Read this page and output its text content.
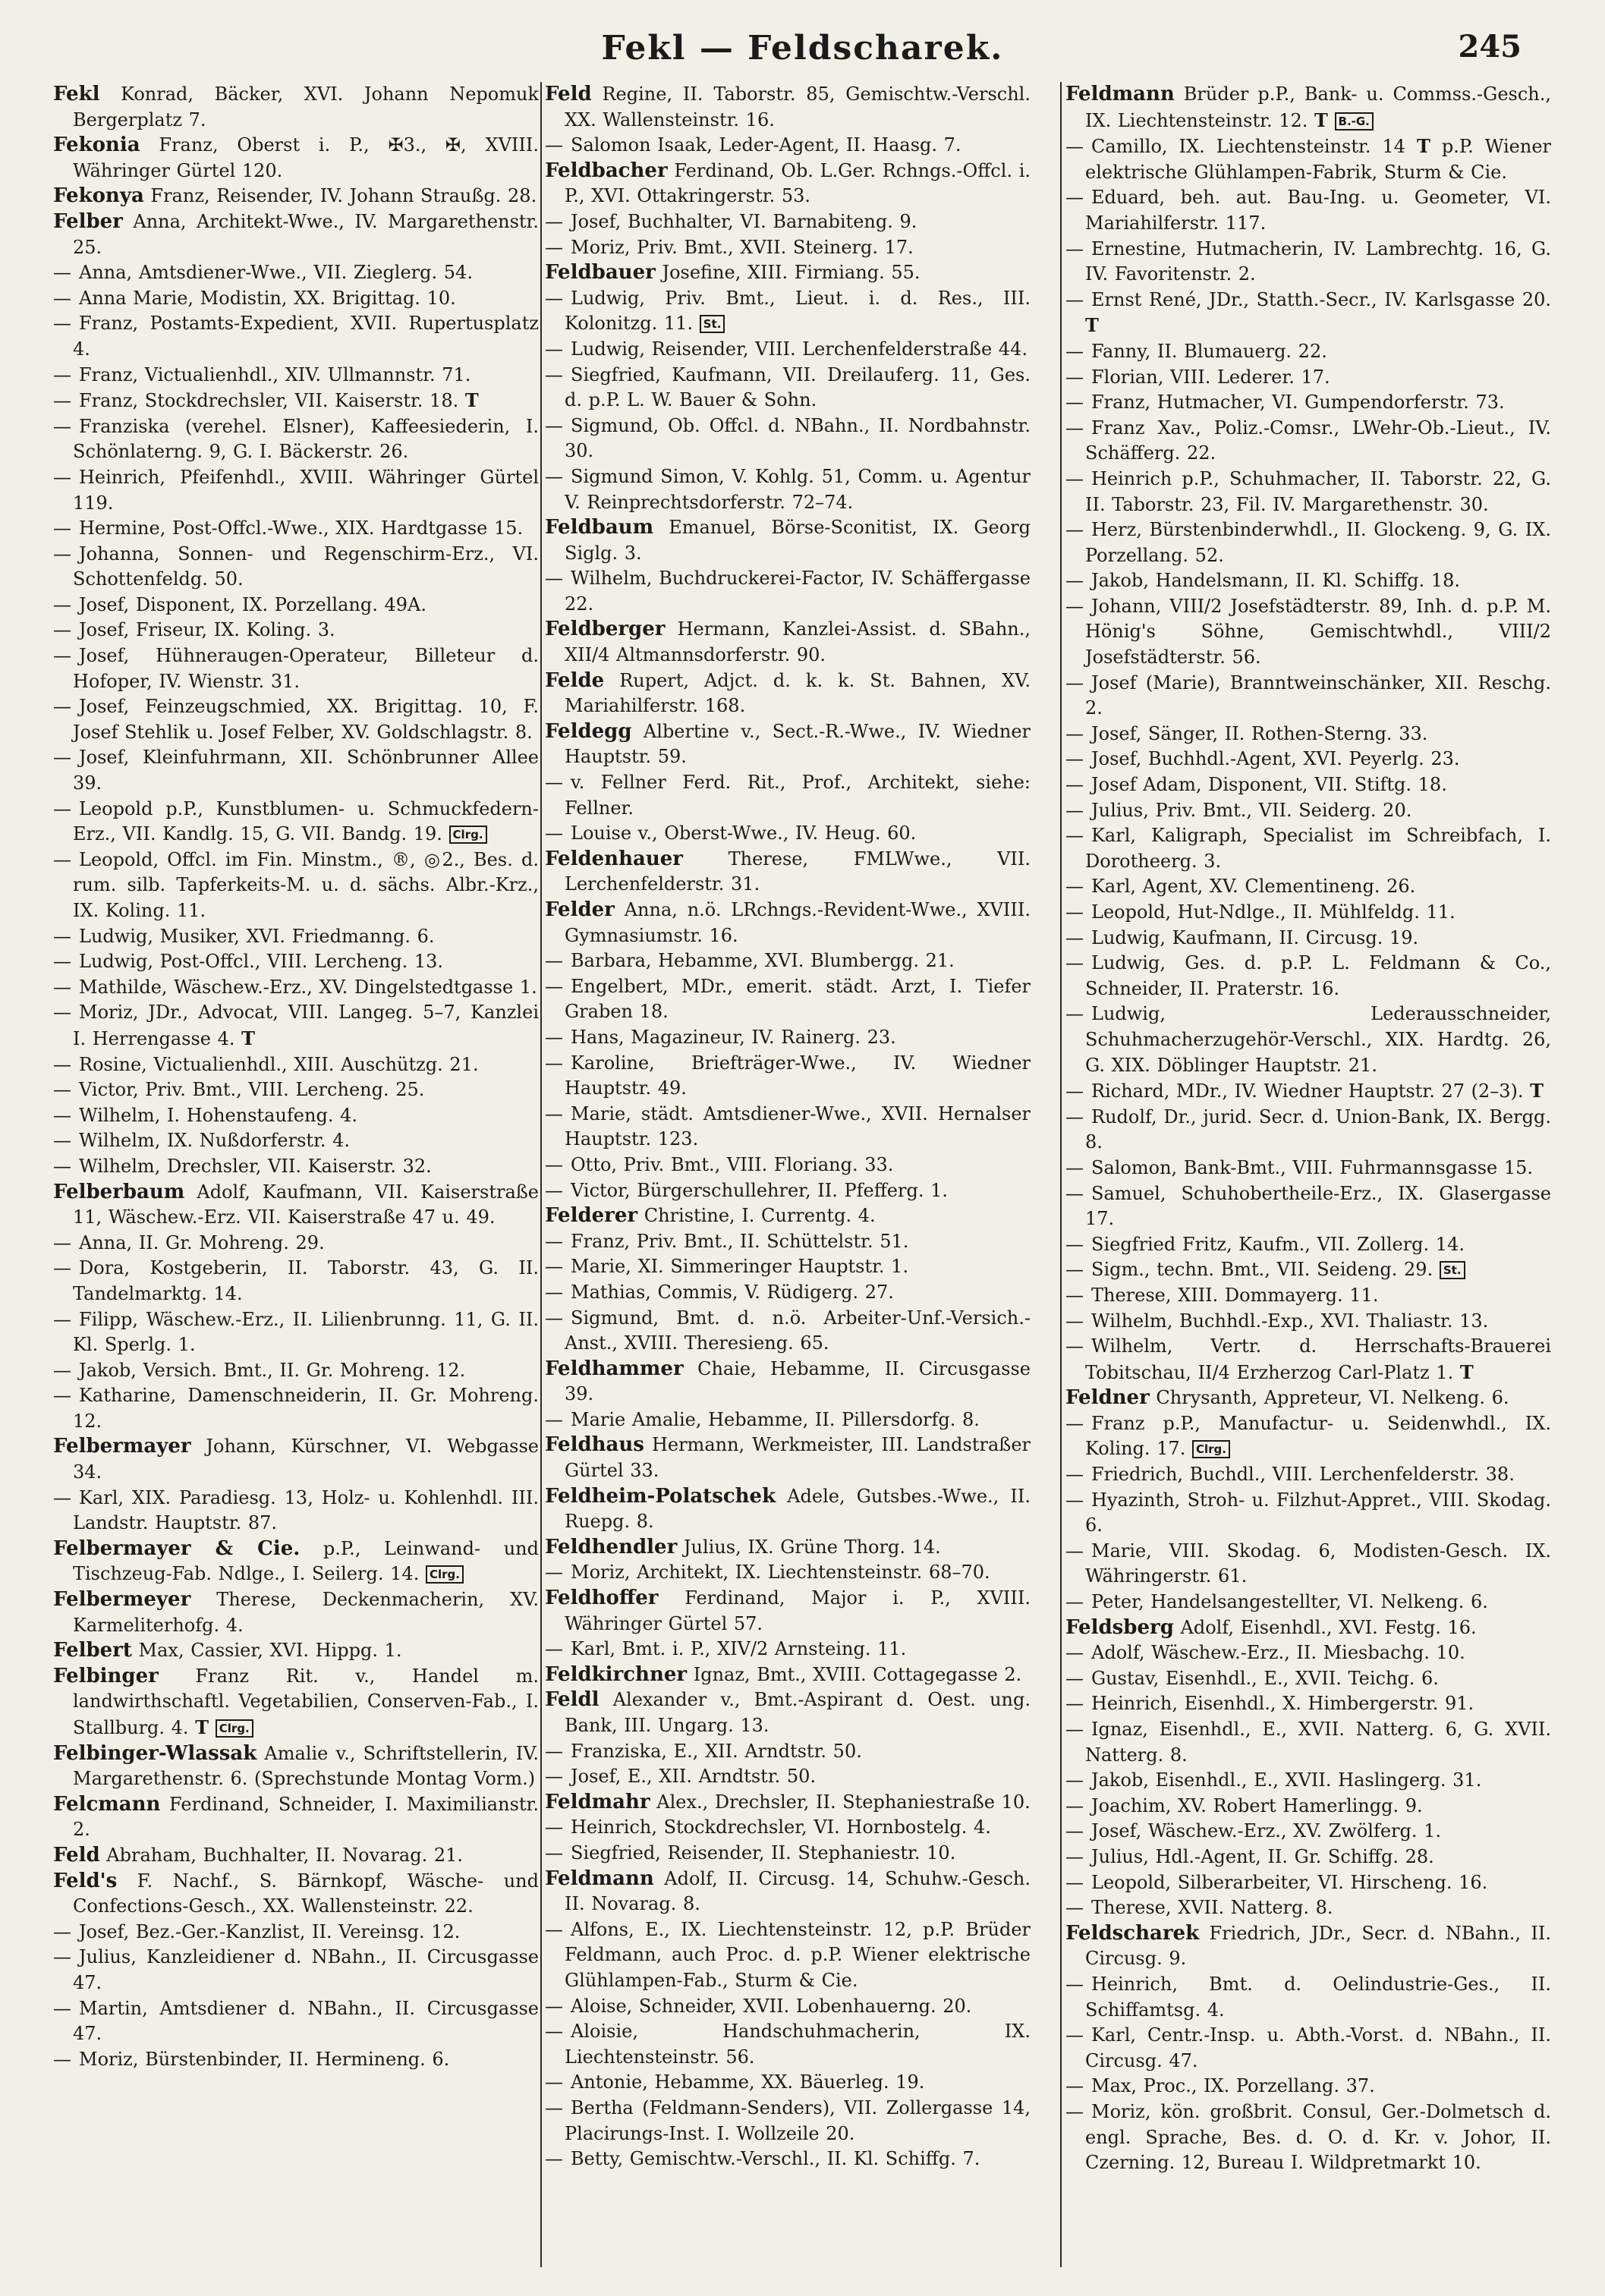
Fekl — Feldscharek.	245
Fekl Konrad, Bäcker, XVI. Johann Nepomuk Bergerplatz 7.
Fekonia Franz, Oberst i. P., ✠3., ✠, XVIII. Währinger Gürtel 120.
Fekonya Franz, Reisender, IV. Johann Straußg. 28.
Felber Anna, Architekt-Wwe., IV. Margarethenstr. 25.
— Anna, Amtsdiener-Wwe., VII. Zieglerg. 54.
— Anna Marie, Modistin, XX. Brigittag. 10.
— Franz, Postamts-Expedient, XVII. Rupertusplatz 4.
— Franz, Victualienhdl., XIV. Ullmannstr. 71.
— Franz, Stockdrechsler, VII. Kaiserstr. 18. T
— Franziska (verehel. Elsner), Kaffeesiederin, I. Schönlaterng. 9, G. I. Bäckerstr. 26.
— Heinrich, Pfeifenhdl., XVIII. Währinger Gürtel 119.
— Hermine, Post-Offcl.-Wwe., XIX. Hardtgasse 15.
— Johanna, Sonnen- und Regenschirm-Erz., VI. Schottenfeldg. 50.
— Josef, Disponent, IX. Porzellang. 49A.
— Josef, Friseur, IX. Koling. 3.
— Josef, Hühneraugen-Operateur, Billeteur d. Hofoper, IV. Wienstr. 31.
— Josef, Feinzeugschmied, XX. Brigittag. 10, F. Josef Stehlik u. Josef Felber, XV. Goldschlagstr. 8.
— Josef, Kleinfuhrmann, XII. Schönbrunner Allee 39.
— Leopold p.P., Kunstblumen- u. Schmuckfedern-Erz., VII. Kandlg. 15, G. VII. Bandg. 19. Clrg.
— Leopold, Offcl. im Fin. Minstm., ®, ◎2., Bes. d. rum. silb. Tapferkeits-M. u. d. sächs. Albr.-Krz., IX. Koling. 11.
— Ludwig, Musiker, XVI. Friedmanng. 6.
— Ludwig, Post-Offcl., VIII. Lercheng. 13.
— Mathilde, Wäschew.-Erz., XV. Dingelstedtgasse 1.
— Moriz, JDr., Advocat, VIII. Langeg. 5–7, Kanzlei I. Herrengasse 4. T
— Rosine, Victualienhdl., XIII. Auschützg. 21.
— Victor, Priv. Bmt., VIII. Lercheng. 25.
— Wilhelm, I. Hohenstaufeng. 4.
— Wilhelm, IX. Nußdorferstr. 4.
— Wilhelm, Drechsler, VII. Kaiserstr. 32.
Felberbaum Adolf, Kaufmann, VII. Kaiserstraße 11, Wäschew.-Erz. VII. Kaiserstraße 47 u. 49.
— Anna, II. Gr. Mohreng. 29.
— Dora, Kostgeberin, II. Taborstr. 43, G. II. Tandelmarktg. 14.
— Filipp, Wäschew.-Erz., II. Lilienbrunng. 11, G. II. Kl. Sperlg. 1.
— Jakob, Versich. Bmt., II. Gr. Mohreng. 12.
— Katharine, Damenschneiderin, II. Gr. Mohreng. 12.
Felbermayer Johann, Kürschner, VI. Webgasse 34.
— Karl, XIX. Paradiesg. 13, Holz- u. Kohlenhdl. III. Landstr. Hauptstr. 87.
Felbermayer & Cie. p.P., Leinwand- und Tischzeug-Fab. Ndlge., I. Seilerg. 14. Clrg.
Felbermeyer Therese, Deckenmacherin, XV. Karmeliterhofg. 4.
Felbert Max, Cassier, XVI. Hippg. 1.
Felbinger Franz Rit. v., Handel m. landwirthschaftl. Vegetabilien, Conserven-Fab., I. Stallburg. 4. T Clrg.
Felbinger-Wlassak Amalie v., Schriftstellerin, IV. Margarethenstr. 6. (Sprechstunde Montag Vorm.)
Felcmann Ferdinand, Schneider, I. Maximilianstr. 2.
Feld Abraham, Buchhalter, II. Novarag. 21.
Feld's F. Nachf., S. Bärnkopf, Wäsche- und Confections-Gesch., XX. Wallensteinstr. 22.
— Josef, Bez.-Ger.-Kanzlist, II. Vereinsg. 12.
— Julius, Kanzleidiener d. NBahn., II. Circusgasse 47.
— Martin, Amtsdiener d. NBahn., II. Circusgasse 47.
— Moriz, Bürstenbinder, II. Hermineng. 6.
Feld Regine, II. Taborstr. 85, Gemischtw.-Verschl. XX. Wallensteinstr. 16.
— Salomon Isaak, Leder-Agent, II. Haasg. 7.
Feldbacher Ferdinand, Ob. L.Ger. Rchngs.-Offcl. i. P., XVI. Ottakringerstr. 53.
— Josef, Buchhalter, VI. Barnabiteng. 9.
— Moriz, Priv. Bmt., XVII. Steinerg. 17.
Feldbauer Josefine, XIII. Firmiang. 55.
— Ludwig, Priv. Bmt., Lieut. i. d. Res., III. Kolonitzg. 11. St.
— Ludwig, Reisender, VIII. Lerchenfelderstraße 44.
— Siegfried, Kaufmann, VII. Dreilauferg. 11, Ges. d. p.P. L. W. Bauer & Sohn.
— Sigmund, Ob. Offcl. d. NBahn., II. Nordbahnstr. 30.
— Sigmund Simon, V. Kohlg. 51, Comm. u. Agentur V. Reinprechtsdorferstr. 72–74.
Feldbaum Emanuel, Börse-Sconitist, IX. Georg Siglg. 3.
— Wilhelm, Buchdruckerei-Factor, IV. Schäffergasse 22.
Feldberger Hermann, Kanzlei-Assist. d. SBahn., XII/4 Altmannsdorferstr. 90.
Felde Rupert, Adjct. d. k. k. St. Bahnen, XV. Mariahilferstr. 168.
Feldegg Albertine v., Sect.-R.-Wwe., IV. Wiedner Hauptstr. 59.
— v. Fellner Ferd. Rit., Prof., Architekt, siehe: Fellner.
— Louise v., Oberst-Wwe., IV. Heug. 60.
Feldenhauer Therese, FMLWwe., VII. Lerchenfelderstr. 31.
Felder Anna, n.ö. LRchngs.-Revident-Wwe., XVIII. Gymnasiumstr. 16.
— Barbara, Hebamme, XVI. Blumbergg. 21.
— Engelbert, MDr., emerit. städt. Arzt, I. Tiefer Graben 18.
— Hans, Magazineur, IV. Rainerg. 23.
— Karoline, Briefträger-Wwe., IV. Wiedner Hauptstr. 49.
— Marie, städt. Amtsdiener-Wwe., XVII. Hernalser Hauptstr. 123.
— Otto, Priv. Bmt., VIII. Floriang. 33.
— Victor, Bürgerschullehrer, II. Pfefferg. 1.
Felderer Christine, I. Currentg. 4.
— Franz, Priv. Bmt., II. Schüttelstr. 51.
— Marie, XI. Simmeringer Hauptstr. 1.
— Mathias, Commis, V. Rüdigerg. 27.
— Sigmund, Bmt. d. n.ö. Arbeiter-Unf.-Versich.-Anst., XVIII. Theresieng. 65.
Feldhammer Chaie, Hebamme, II. Circusgasse 39.
— Marie Amalie, Hebamme, II. Pillersdorfg. 8.
Feldhaus Hermann, Werkmeister, III. Landstraßer Gürtel 33.
Feldheim-Polatschek Adele, Gutsbes.-Wwe., II. Ruepg. 8.
Feldhendler Julius, IX. Grüne Thorg. 14.
— Moriz, Architekt, IX. Liechtensteinstr. 68–70.
Feldhoffer Ferdinand, Major i. P., XVIII. Währinger Gürtel 57.
— Karl, Bmt. i. P., XIV/2 Arnsteing. 11.
Feldkirchner Ignaz, Bmt., XVIII. Cottagegasse 2.
Feldl Alexander v., Bmt.-Aspirant d. Oest. ung. Bank, III. Ungarg. 13.
— Franziska, E., XII. Arndtstr. 50.
— Josef, E., XII. Arndtstr. 50.
Feldmahr Alex., Drechsler, II. Stephaniestraße 10.
— Heinrich, Stockdrechsler, VI. Hornbostelg. 4.
— Siegfried, Reisender, II. Stephaniestr. 10.
Feldmann Adolf, II. Circusg. 14, Schuhw.-Gesch. II. Novarag. 8.
— Alfons, E., IX. Liechtensteinstr. 12, p.P. Brüder Feldmann, auch Proc. d. p.P. Wiener elektrische Glühlampen-Fab., Sturm & Cie.
— Aloise, Schneider, XVII. Lobenhauerng. 20.
— Aloisie, Handschuhmacherin, IX. Liechtensteinstr. 56.
— Antonie, Hebamme, XX. Bäuerleg. 19.
— Bertha (Feldmann-Senders), VII. Zollergasse 14, Placirungs-Inst. I. Wollzeile 20.
— Betty, Gemischtw.-Verschl., II. Kl. Schiffg. 7.
Feldmann Brüder p.P., Bank- u. Commss.-Gesch., IX. Liechtensteinstr. 12. T B.-G.
— Camillo, IX. Liechtensteinstr. 14 T p.P. Wiener elektrische Glühlampen-Fabrik, Sturm & Cie.
— Eduard, beh. aut. Bau-Ing. u. Geometer, VI. Mariahilferstr. 117.
— Ernestine, Hutmacherin, IV. Lambrechtg. 16, G. IV. Favoritenstr. 2.
— Ernst René, JDr., Statth.-Secr., IV. Karlsgasse 20. T
— Fanny, II. Blumauerg. 22.
— Florian, VIII. Lederer. 17.
— Franz, Hutmacher, VI. Gumpendorferstr. 73.
— Franz Xav., Poliz.-Comsr., LWehr-Ob.-Lieut., IV. Schäfferg. 22.
— Heinrich p.P., Schuhmacher, II. Taborstr. 22, G. II. Taborstr. 23, Fil. IV. Margarethenstr. 30.
— Herz, Bürstenbinderwhdl., II. Glockeng. 9, G. IX. Porzellang. 52.
— Jakob, Handelsmann, II. Kl. Schiffg. 18.
— Johann, VIII/2 Josefstädterstr. 89, Inh. d. p.P. M. Hönig's Söhne, Gemischtwhdl., VIII/2 Josefstädterstr. 56.
— Josef (Marie), Branntweinschänker, XII. Reschg. 2.
— Josef, Sänger, II. Rothen-Sterng. 33.
— Josef, Buchhdl.-Agent, XVI. Peyerlg. 23.
— Josef Adam, Disponent, VII. Stiftg. 18.
— Julius, Priv. Bmt., VII. Seiderg. 20.
— Karl, Kaligraph, Specialist im Schreibfach, I. Dorotheerg. 3.
— Karl, Agent, XV. Clementineng. 26.
— Leopold, Hut-Ndlge., II. Mühlfeldg. 11.
— Ludwig, Kaufmann, II. Circusg. 19.
— Ludwig, Ges. d. p.P. L. Feldmann & Co., Schneider, II. Praterstr. 16.
— Ludwig, Lederausschneider, Schuhmacherzugehör-Verschl., XIX. Hardtg. 26, G. XIX. Döblinger Hauptstr. 21.
— Richard, MDr., IV. Wiedner Hauptstr. 27 (2–3). T
— Rudolf, Dr., jurid. Secr. d. Union-Bank, IX. Bergg. 8.
— Salomon, Bank-Bmt., VIII. Fuhrmannsgasse 15.
— Samuel, Schuhobertheile-Erz., IX. Glasergasse 17.
— Siegfried Fritz, Kaufm., VII. Zollerg. 14.
— Sigm., techn. Bmt., VII. Seideng. 29. St.
— Therese, XIII. Dommayerg. 11.
— Wilhelm, Buchhdl.-Exp., XVI. Thaliastr. 13.
— Wilhelm, Vertr. d. Herrschafts-Brauerei Tobitschau, II/4 Erzherzog Carl-Platz 1. T
Feldner Chrysanth, Appreteur, VI. Nelkeng. 6.
— Franz p.P., Manufactur- u. Seidenwhdl., IX. Koling. 17. Clrg.
— Friedrich, Buchdl., VIII. Lerchenfelderstr. 38.
— Hyazinth, Stroh- u. Filzhut-Appret., VIII. Skodag. 6.
— Marie, VIII. Skodag. 6, Modisten-Gesch. IX. Währingerstr. 61.
— Peter, Handelsangestellter, VI. Nelkeng. 6.
Feldsberg Adolf, Eisenhdl., XVI. Festg. 16.
— Adolf, Wäschew.-Erz., II. Miesbachg. 10.
— Gustav, Eisenhdl., E., XVII. Teichg. 6.
— Heinrich, Eisenhdl., X. Himbergerstr. 91.
— Ignaz, Eisenhdl., E., XVII. Natterg. 6, G. XVII. Natterg. 8.
— Jakob, Eisenhdl., E., XVII. Haslingerg. 31.
— Joachim, XV. Robert Hamerlingg. 9.
— Josef, Wäschew.-Erz., XV. Zwölferg. 1.
— Julius, Hdl.-Agent, II. Gr. Schiffg. 28.
— Leopold, Silberarbeiter, VI. Hirscheng. 16.
— Therese, XVII. Natterg. 8.
Feldscharek Friedrich, JDr., Secr. d. NBahn., II. Circusg. 9.
— Heinrich, Bmt. d. Oelindustrie-Ges., II. Schiffamtsg. 4.
— Karl, Centr.-Insp. u. Abth.-Vorst. d. NBahn., II. Circusg. 47.
— Max, Proc., IX. Porzellang. 37.
— Moriz, kön. großbrit. Consul, Ger.-Dolmetsch d. engl. Sprache, Bes. d. O. d. Kr. v. Johor, II. Czerning. 12, Bureau I. Wildpretmarkt 10.
